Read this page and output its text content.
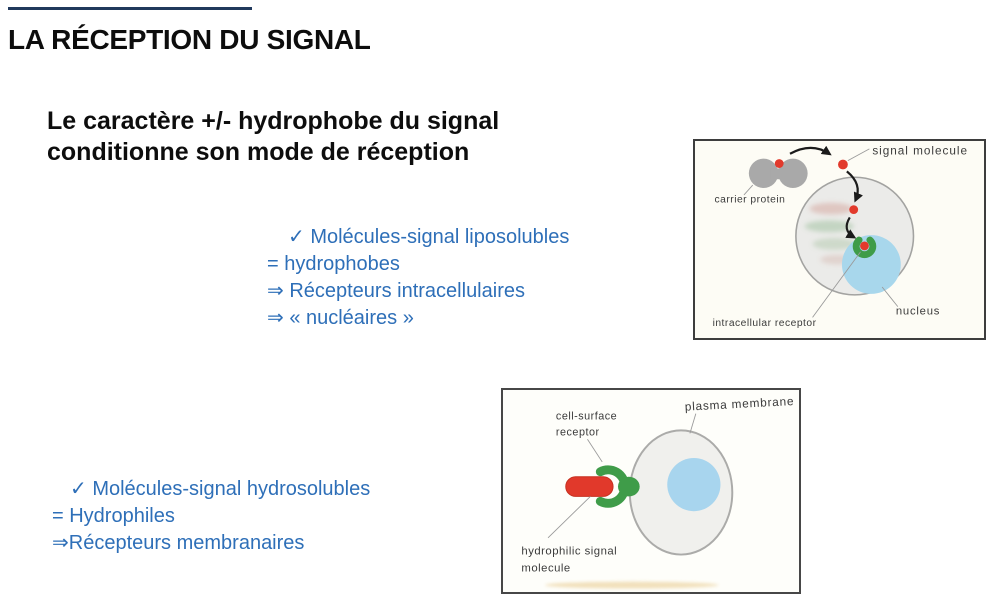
LA RÉCEPTION DU SIGNAL
Le caractère +/- hydrophobe du signal
conditionne son mode de réception
✓ Molécules-signal liposolubles
= hydrophobes
⇒ Récepteurs intracellulaires
⇒ « nucléaires »
✓ Molécules-signal hydrosolubles
= Hydrophiles
⇒Récepteurs membranaires
signal molecule
carrier protein
intracellular receptor
nucleus
cell-surface
receptor
plasma membrane
hydrophilic signal
molecule
